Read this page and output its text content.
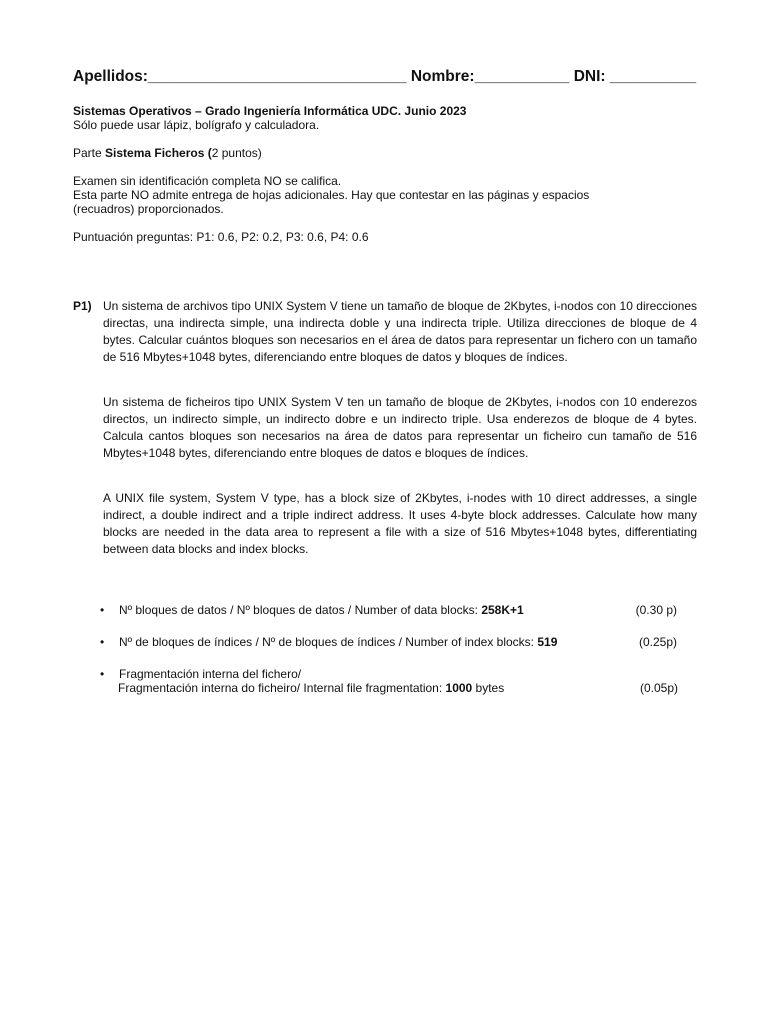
Apellidos:______________________________ Nombre:___________ DNI: __________
Sistemas Operativos – Grado Ingeniería Informática UDC. Junio 2023
Sólo puede usar lápiz, bolígrafo y calculadora.
Parte Sistema Ficheros (2 puntos)
Examen sin identificación completa NO se califica.
Esta parte NO admite entrega de hojas adicionales. Hay que contestar en las páginas y espacios
(recuadros) proporcionados.
Puntuación preguntas: P1: 0.6, P2: 0.2, P3: 0.6, P4: 0.6
P1) Un sistema de archivos tipo UNIX System V tiene un tamaño de bloque de 2Kbytes, i-nodos con 10 direcciones directas, una indirecta simple, una indirecta doble y una indirecta triple. Utiliza direcciones de bloque de 4 bytes. Calcular cuántos bloques son necesarios en el área de datos para representar un fichero con un tamaño de 516 Mbytes+1048 bytes, diferenciando entre bloques de datos y bloques de índices.
Un sistema de ficheiros tipo UNIX System V ten un tamaño de bloque de 2Kbytes, i-nodos con 10 enderezos directos, un indirecto simple, un indirecto dobre e un indirecto triple. Usa enderezos de bloque de 4 bytes. Calcula cantos bloques son necesarios na área de datos para representar un ficheiro cun tamaño de 516 Mbytes+1048 bytes, diferenciando entre bloques de datos e bloques de índices.
A UNIX file system, System V type, has a block size of 2Kbytes, i-nodes with 10 direct addresses, a single indirect, a double indirect and a triple indirect address. It uses 4-byte block addresses. Calculate how many blocks are needed in the data area to represent a file with a size of 516 Mbytes+1048 bytes, differentiating between data blocks and index blocks.
• Nº bloques de datos / Nº bloques de datos / Number of data blocks: 258K+1	(0.30 p)
• Nº de bloques de índices / Nº de bloques de índices / Number of index blocks: 519	(0.25p)
• Fragmentación interna del fichero/
Fragmentación interna do ficheiro/ Internal file fragmentation: 1000 bytes	(0.05p)
